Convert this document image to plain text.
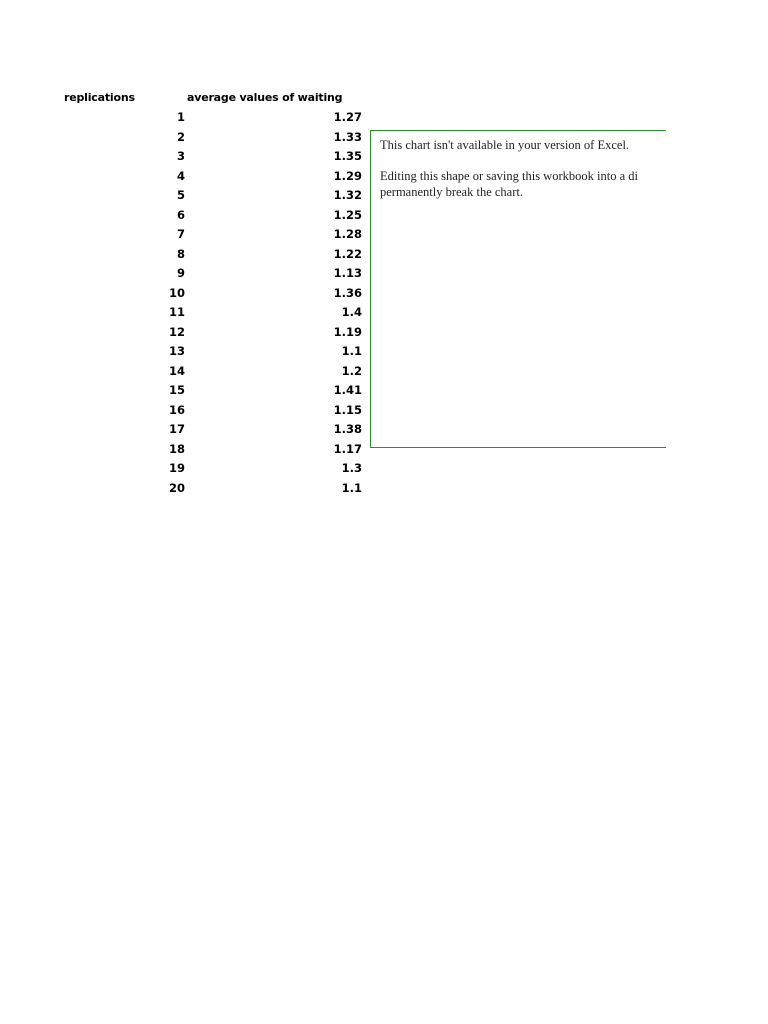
replications	average values of waiting
1	1.27
2	1.33
3	1.35
4	1.29
5	1.32
6	1.25
7	1.28
8	1.22
9	1.13
10	1.36
11	1.4
12	1.19
13	1.1
14	1.2
15	1.41
16	1.15
17	1.38
18	1.17
19	1.3
20	1.1
This chart isn't available in your version of Excel.
Editing this shape or saving this workbook into a di
permanently break the chart.
